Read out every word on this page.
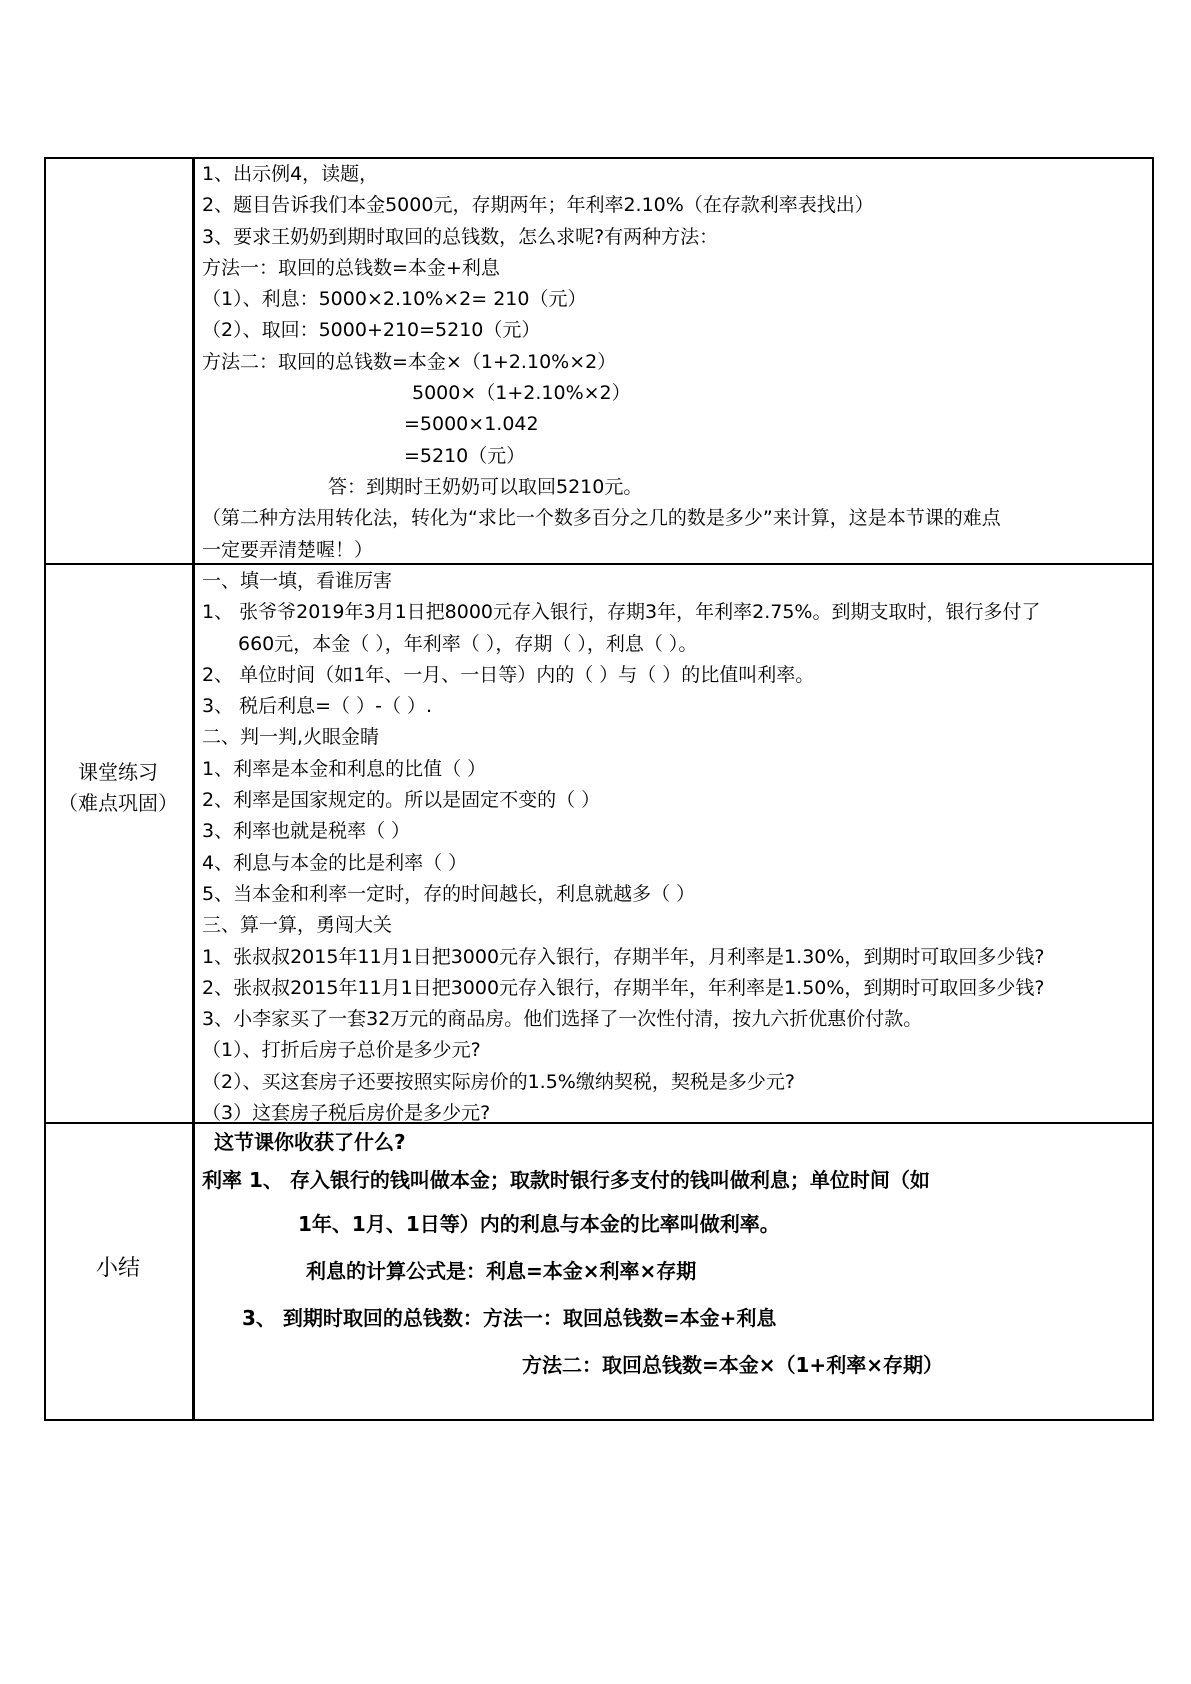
1、出示例4，读题，
2、题目告诉我们本金5000元，存期两年；年利率2.10%（在存款利率表找出）
3、要求王奶奶到期时取回的总钱数，怎么求呢?有两种方法：
方法一：取回的总钱数=本金+利息
（1）、利息：5000×2.10%×2= 210（元）
（2）、取回：5000+210=5210（元）
方法二：取回的总钱数=本金×（1+2.10%×2）
5000×（1+2.10%×2）
=5000×1.042
=5210（元）
答：到期时王奶奶可以取回5210元。
（第二种方法用转化法，转化为“求比一个数多百分之几的数是多少”来计算，这是本节课的难点
一定要弄清楚喔！）
课堂练习
（难点巩固）
一、填一填，看谁厉害
1、 张爷爷2019年3月1日把8000元存入银行，存期3年，年利率2.75%。到期支取时，银行多付了
660元，本金（ ），年利率（ ），存期（ ），利息（ ）。
2、 单位时间（如1年、一月、一日等）内的（ ）与（ ）的比值叫利率。
3、 税后利息=（ ）-（ ）.
二、判一判,火眼金睛
1、利率是本金和利息的比值（ ）
2、利率是国家规定的。所以是固定不变的（ ）
3、利率也就是税率（ ）
4、利息与本金的比是利率（ ）
5、当本金和利率一定时，存的时间越长，利息就越多（ ）
三、算一算，勇闯大关
1、张叔叔2015年11月1日把3000元存入银行，存期半年，月利率是1.30%，到期时可取回多少钱?
2、张叔叔2015年11月1日把3000元存入银行，存期半年，年利率是1.50%，到期时可取回多少钱?
3、小李家买了一套32万元的商品房。他们选择了一次性付清，按九六折优惠价付款。
（1）、打折后房子总价是多少元?
（2）、买这套房子还要按照实际房价的1.5%缴纳契税，契税是多少元?
（3）这套房子税后房价是多少元?
小结
这节课你收获了什么?
利率 1、 存入银行的钱叫做本金；取款时银行多支付的钱叫做利息；单位时间（如
1年、1月、1日等）内的利息与本金的比率叫做利率。
利息的计算公式是：利息=本金×利率×存期
3、 到期时取回的总钱数：方法一：取回总钱数=本金+利息
方法二：取回总钱数=本金×（1+利率×存期）
